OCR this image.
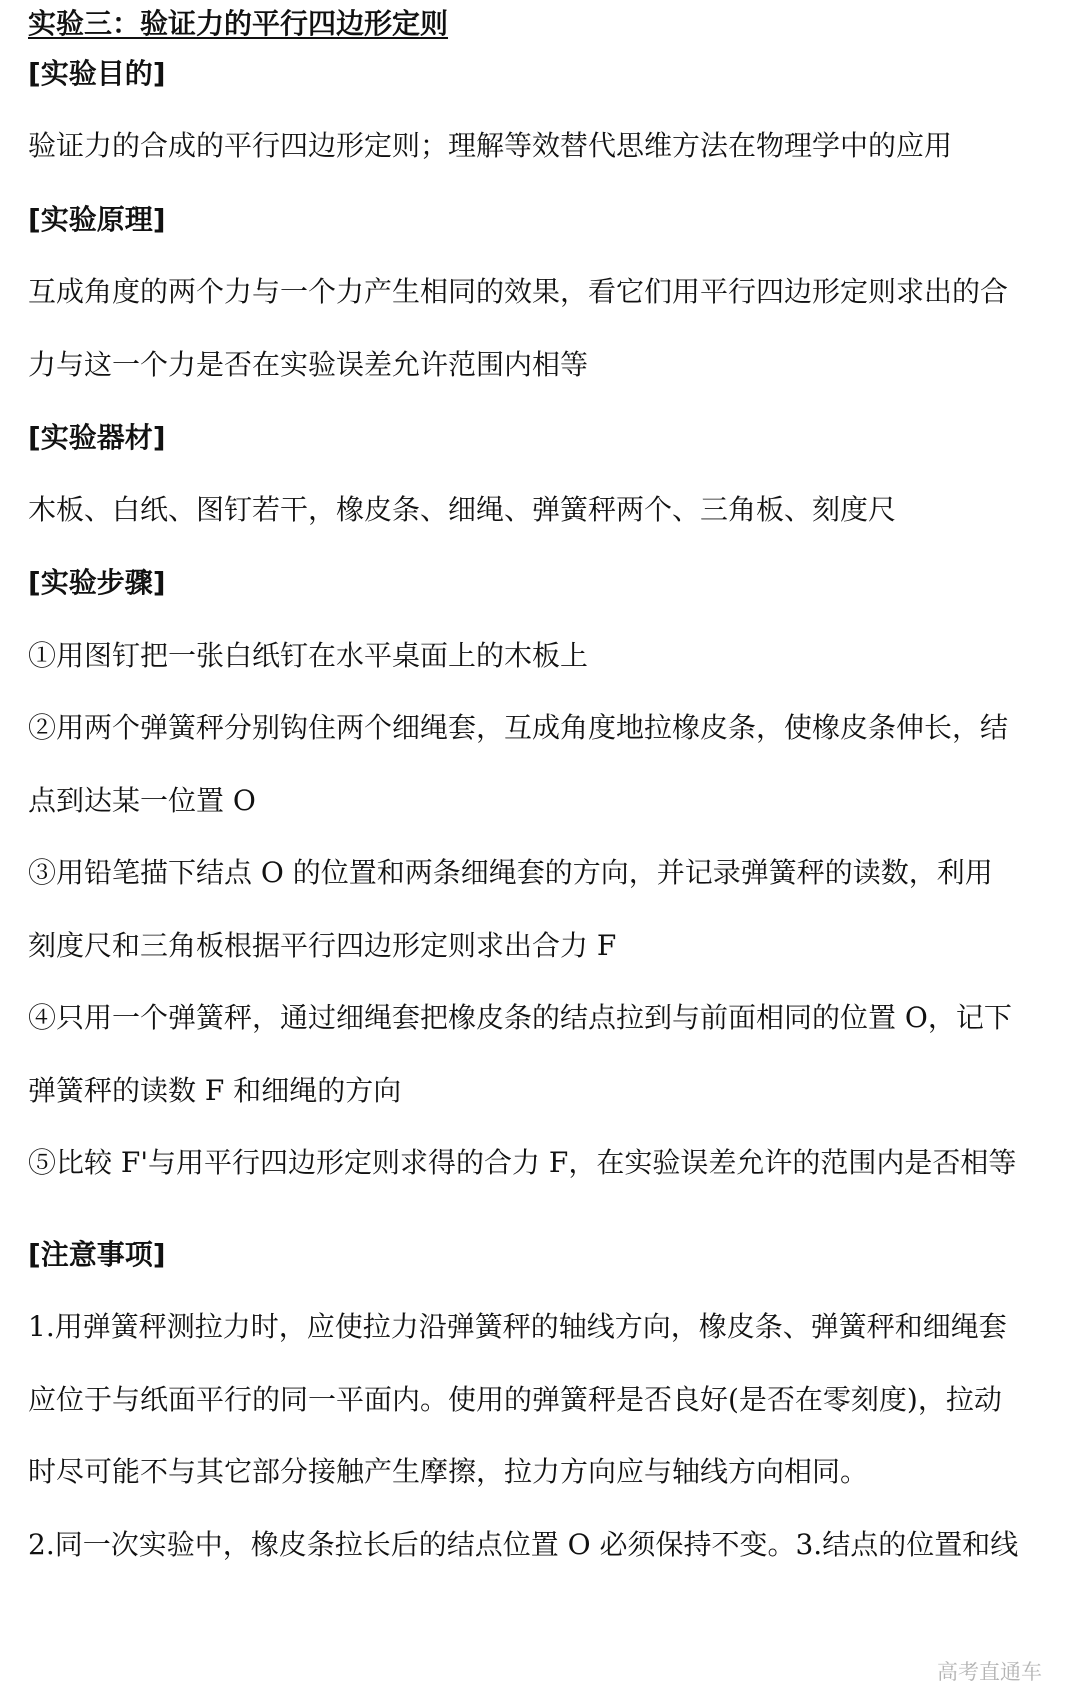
实验三：验证力的平行四边形定则
[实验目的]
验证力的合成的平行四边形定则；理解等效替代思维方法在物理学中的应用
[实验原理]
互成角度的两个力与一个力产生相同的效果，看它们用平行四边形定则求出的合
力与这一个力是否在实验误差允许范围内相等
[实验器材]
木板、白纸、图钉若干，橡皮条、细绳、弹簧秤两个、三角板、刻度尺
[实验步骤]
①用图钉把一张白纸钉在水平桌面上的木板上
②用两个弹簧秤分别钩住两个细绳套，互成角度地拉橡皮条，使橡皮条伸长，结
点到达某一位置 O
③用铅笔描下结点 O 的位置和两条细绳套的方向，并记录弹簧秤的读数，利用
刻度尺和三角板根据平行四边形定则求出合力 F
④只用一个弹簧秤，通过细绳套把橡皮条的结点拉到与前面相同的位置 O，记下
弹簧秤的读数 F 和细绳的方向
⑤比较 F'与用平行四边形定则求得的合力 F，在实验误差允许的范围内是否相等
[注意事项]
1.用弹簧秤测拉力时，应使拉力沿弹簧秤的轴线方向，橡皮条、弹簧秤和细绳套
应位于与纸面平行的同一平面内。使用的弹簧秤是否良好(是否在零刻度)，拉动
时尽可能不与其它部分接触产生摩擦，拉力方向应与轴线方向相同。
2.同一次实验中，橡皮条拉长后的结点位置 O 必须保持不变。3.结点的位置和线
高考直通车
